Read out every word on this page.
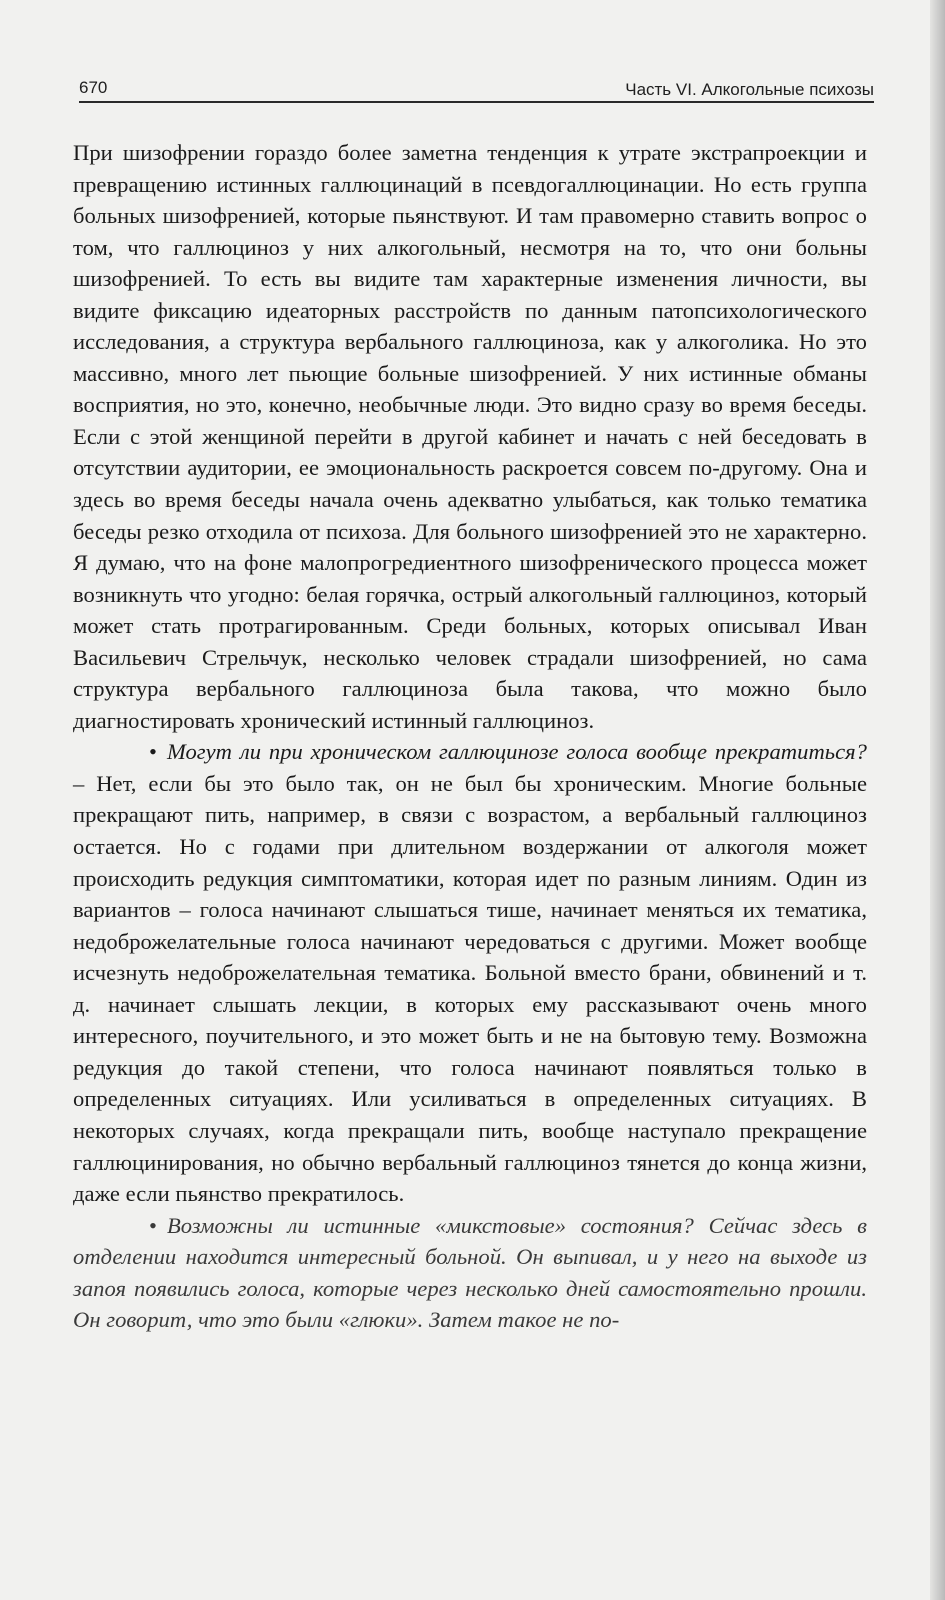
670	Часть VI. Алкогольные психозы

При шизофрении гораздо более заметна тенденция к утрате экстрапроекции и превращению истинных галлюцинаций в псевдогаллюцинации. Но есть группа больных шизофренией, которые пьянствуют. И там правомерно ставить вопрос о том, что галлюциноз у них алкогольный, несмотря на то, что они больны шизофренией. То есть вы видите там характерные изменения личности, вы видите фиксацию идеаторных расстройств по данным патопсихологического исследования, а структура вербального галлюциноза, как у алкоголика. Но это массивно, много лет пьющие больные шизофренией. У них истинные обманы восприятия, но это, конечно, необычные люди. Это видно сразу во время беседы. Если с этой женщиной перейти в другой кабинет и начать с ней беседовать в отсутствии аудитории, ее эмоциональность раскроется совсем по-другому. Она и здесь во время беседы начала очень адекватно улыбаться, как только тематика беседы резко отходила от психоза. Для больного шизофренией это не характерно. Я думаю, что на фоне малопрогредиентного шизофренического процесса может возникнуть что угодно: белая горячка, острый алкогольный галлюциноз, который может стать протрагированным. Среди больных, которых описывал Иван Васильевич Стрельчук, несколько человек страдали шизофренией, но сама структура вербального галлюциноза была такова, что можно было диагностировать хронический истинный галлюциноз.

• Могут ли при хроническом галлюцинозе голоса вообще прекратиться? – Нет, если бы это было так, он не был бы хроническим. Многие больные прекращают пить, например, в связи с возрастом, а вербальный галлюциноз остается. Но с годами при длительном воздержании от алкоголя может происходить редукция симптоматики, которая идет по разным линиям. Один из вариантов – голоса начинают слышаться тише, начинает меняться их тематика, недоброжелательные голоса начинают чередоваться с другими. Может вообще исчезнуть недоброжелательная тематика. Больной вместо брани, обвинений и т. д. начинает слышать лекции, в которых ему рассказывают очень много интересного, поучительного, и это может быть и не на бытовую тему. Возможна редукция до такой степени, что голоса начинают появляться только в определенных ситуациях. Или усиливаться в определенных ситуациях. В некоторых случаях, когда прекращали пить, вообще наступало прекращение галлюцинирования, но обычно вербальный галлюциноз тянется до конца жизни, даже если пьянство прекратилось.

• Возможны ли истинные «микстовые» состояния? Сейчас здесь в отделении находится интересный больной. Он выпивал, и у него на выходе из запоя появились голоса, которые через несколько дней самостоятельно прошли. Он говорит, что это были «глюки». Затем такое не по-
